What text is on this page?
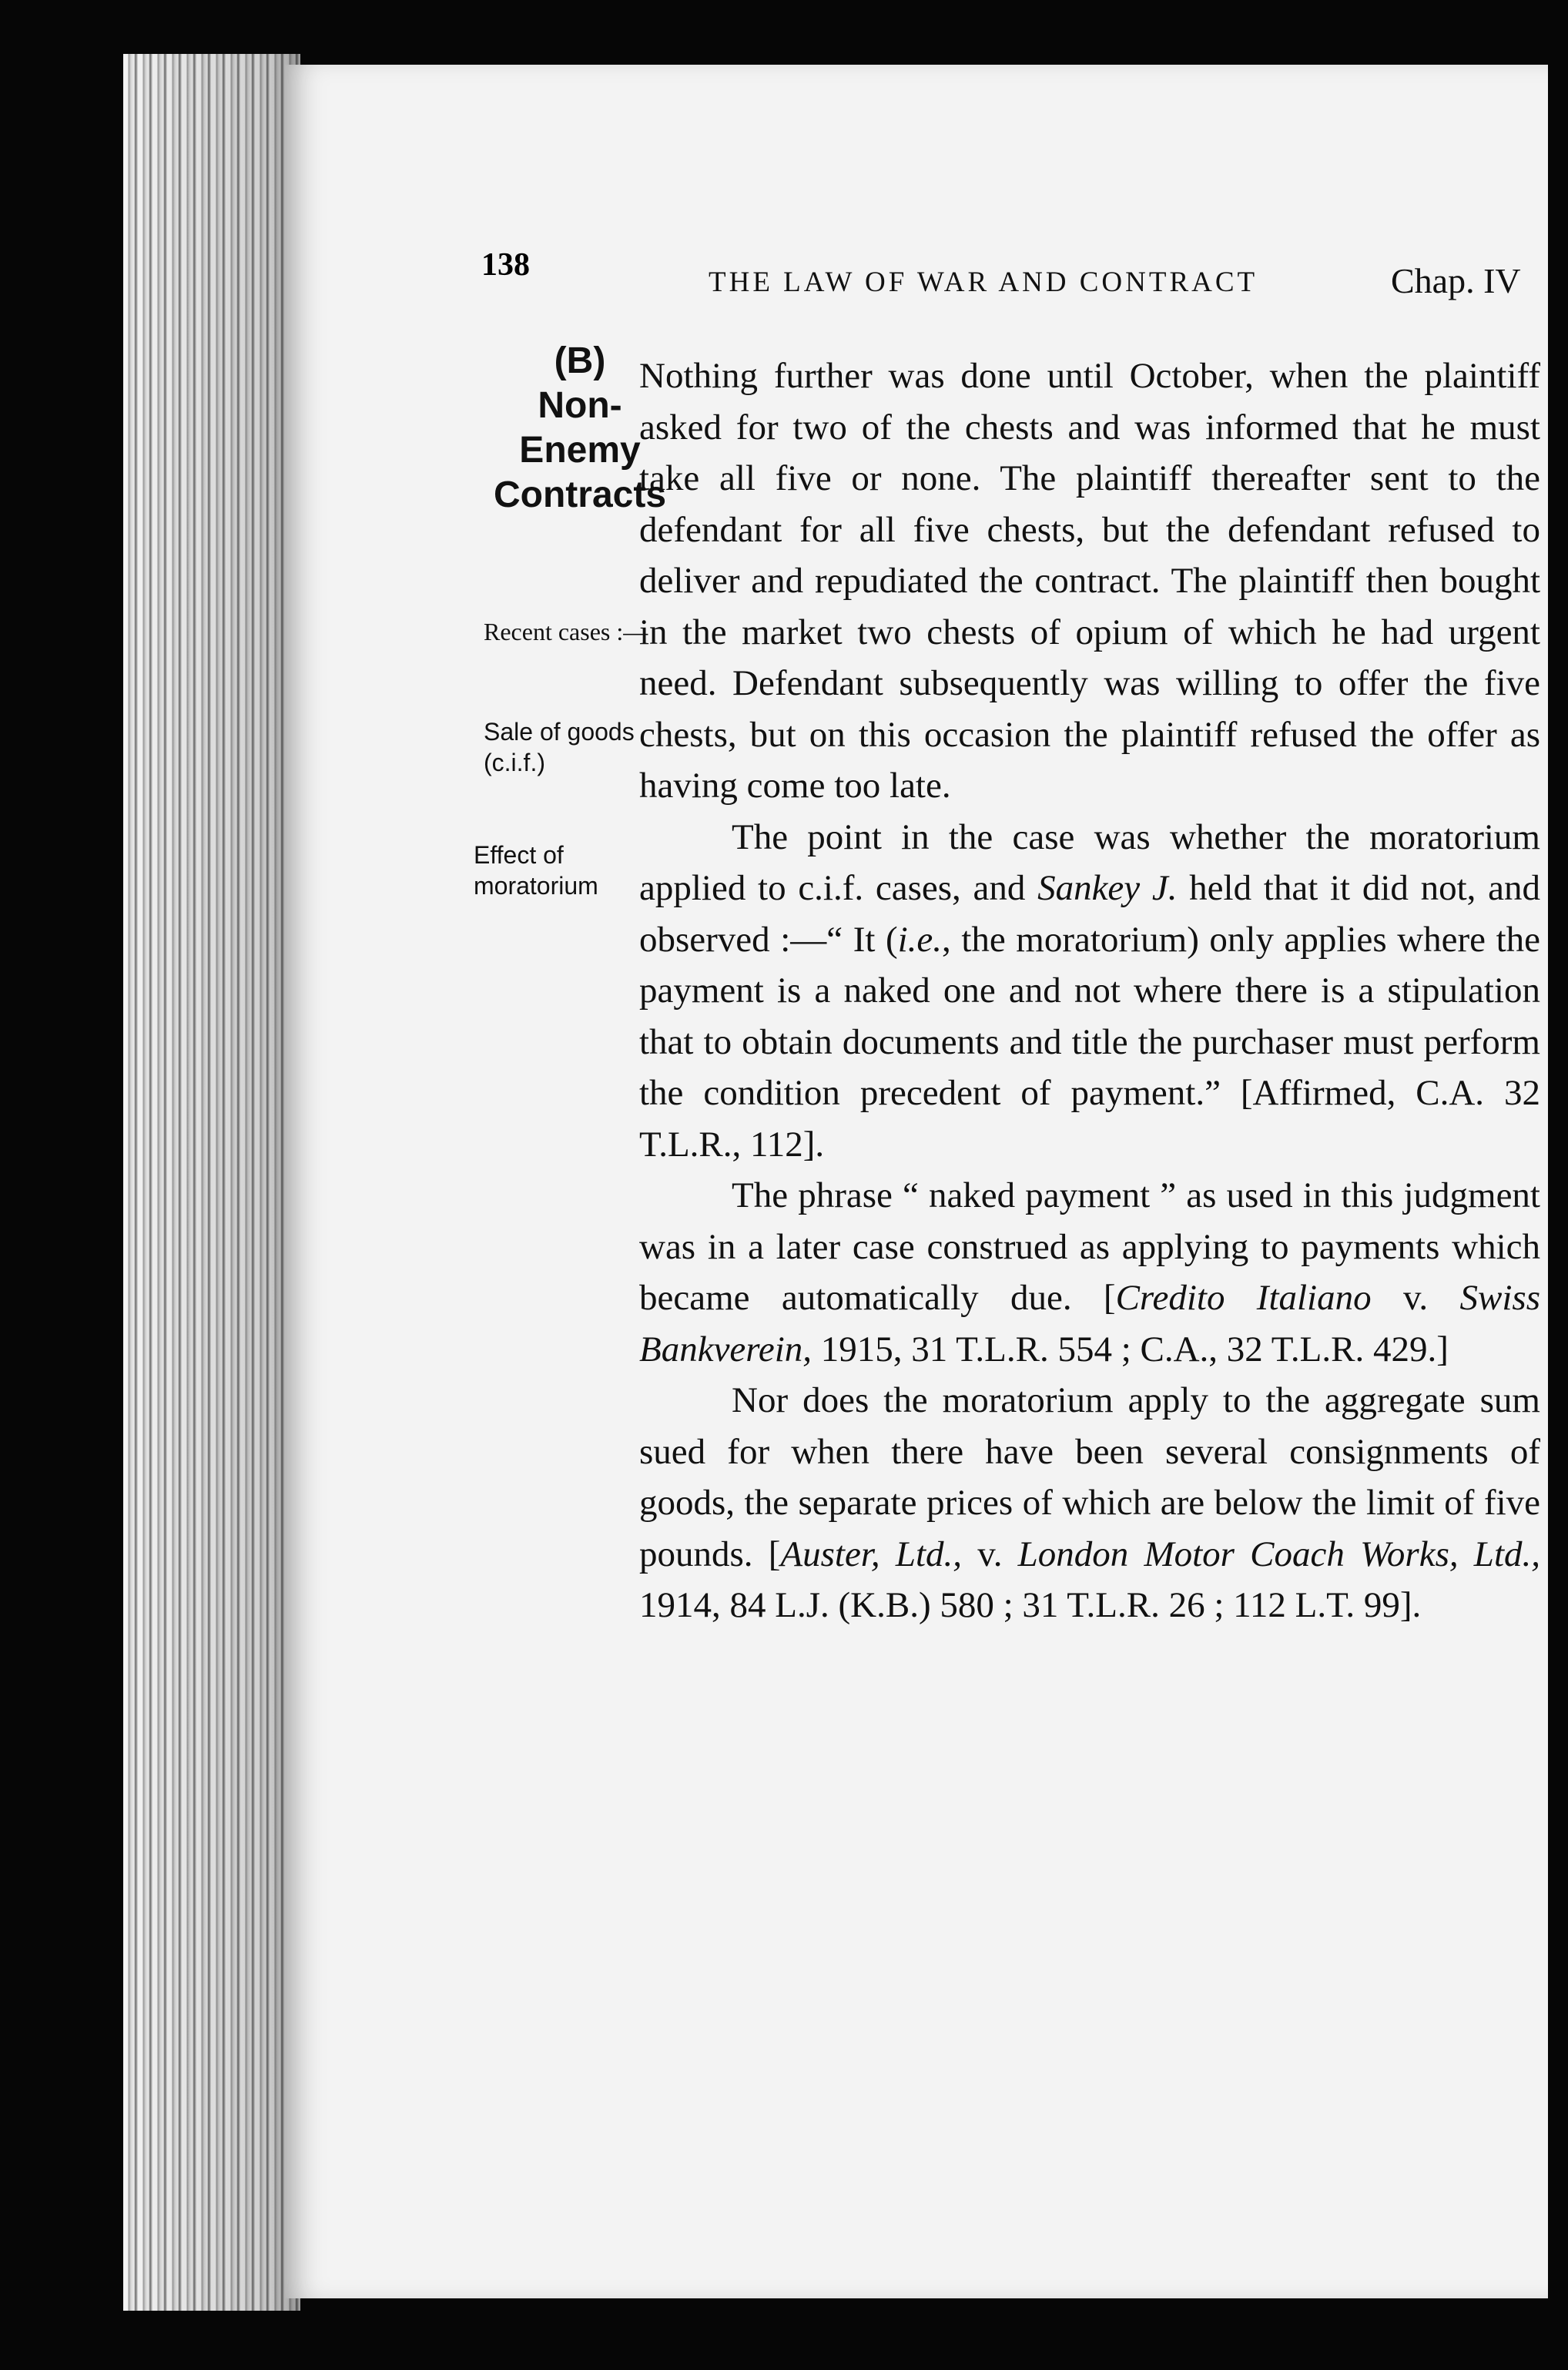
138	THE LAW OF WAR AND CONTRACT	Chap. IV
(B)
Non-
Enemy
Contracts
Recent cases :—
Sale of goods (c.i.f.)
Effect of moratorium

Nothing further was done until October, when the plaintiff asked for two of the chests and was informed that he must take all five or none. The plaintiff thereafter sent to the defendant for all five chests, but the defendant refused to deliver and repudiated the contract. The plaintiff then bought in the market two chests of opium of which he had urgent need. Defendant subsequently was willing to offer the five chests, but on this occasion the plaintiff refused the offer as having come too late.

The point in the case was whether the moratorium applied to c.i.f. cases, and Sankey J. held that it did not, and observed :—“ It (i.e., the moratorium) only applies where the payment is a naked one and not where there is a stipulation that to obtain documents and title the purchaser must perform the condition precedent of payment.” [Affirmed, C.A. 32 T.L.R., 112].

The phrase “ naked payment ” as used in this judgment was in a later case construed as applying to payments which became automatically due. [Credito Italiano v. Swiss Bankverein, 1915, 31 T.L.R. 554 ; C.A., 32 T.L.R. 429.]

Nor does the moratorium apply to the aggregate sum sued for when there have been several consignments of goods, the separate prices of which are below the limit of five pounds. [Auster, Ltd., v. London Motor Coach Works, Ltd., 1914, 84 L.J. (K.B.) 580 ; 31 T.L.R. 26 ; 112 L.T. 99].
